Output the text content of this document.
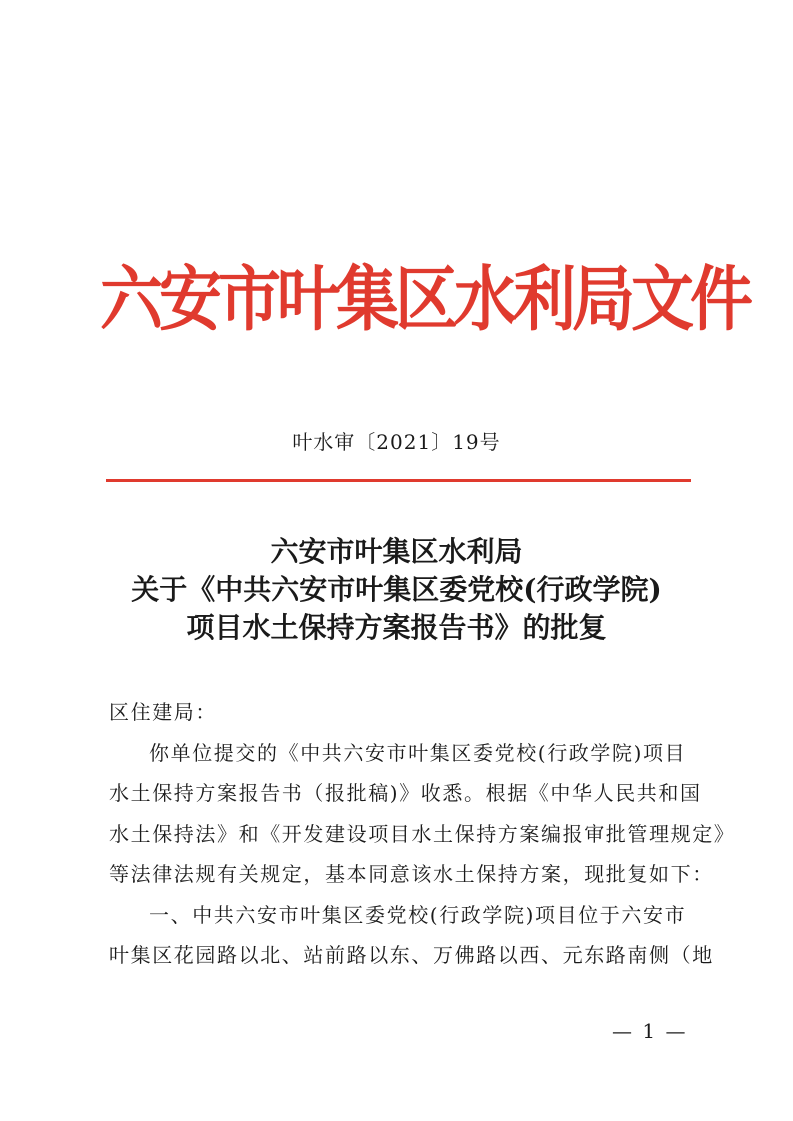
六安市叶集区水利局文件
叶水审〔2021〕19号
六安市叶集区水利局
关于《中共六安市叶集区委党校(行政学院)
项目水土保持方案报告书》的批复
区住建局：
你单位提交的《中共六安市叶集区委党校(行政学院)项目
水土保持方案报告书（报批稿)》收悉。根据《中华人民共和国
水土保持法》和《开发建设项目水土保持方案编报审批管理规定》
等法律法规有关规定，基本同意该水土保持方案，现批复如下：
一、中共六安市叶集区委党校(行政学院)项目位于六安市
叶集区花园路以北、站前路以东、万佛路以西、元东路南侧（地
— 1 —
